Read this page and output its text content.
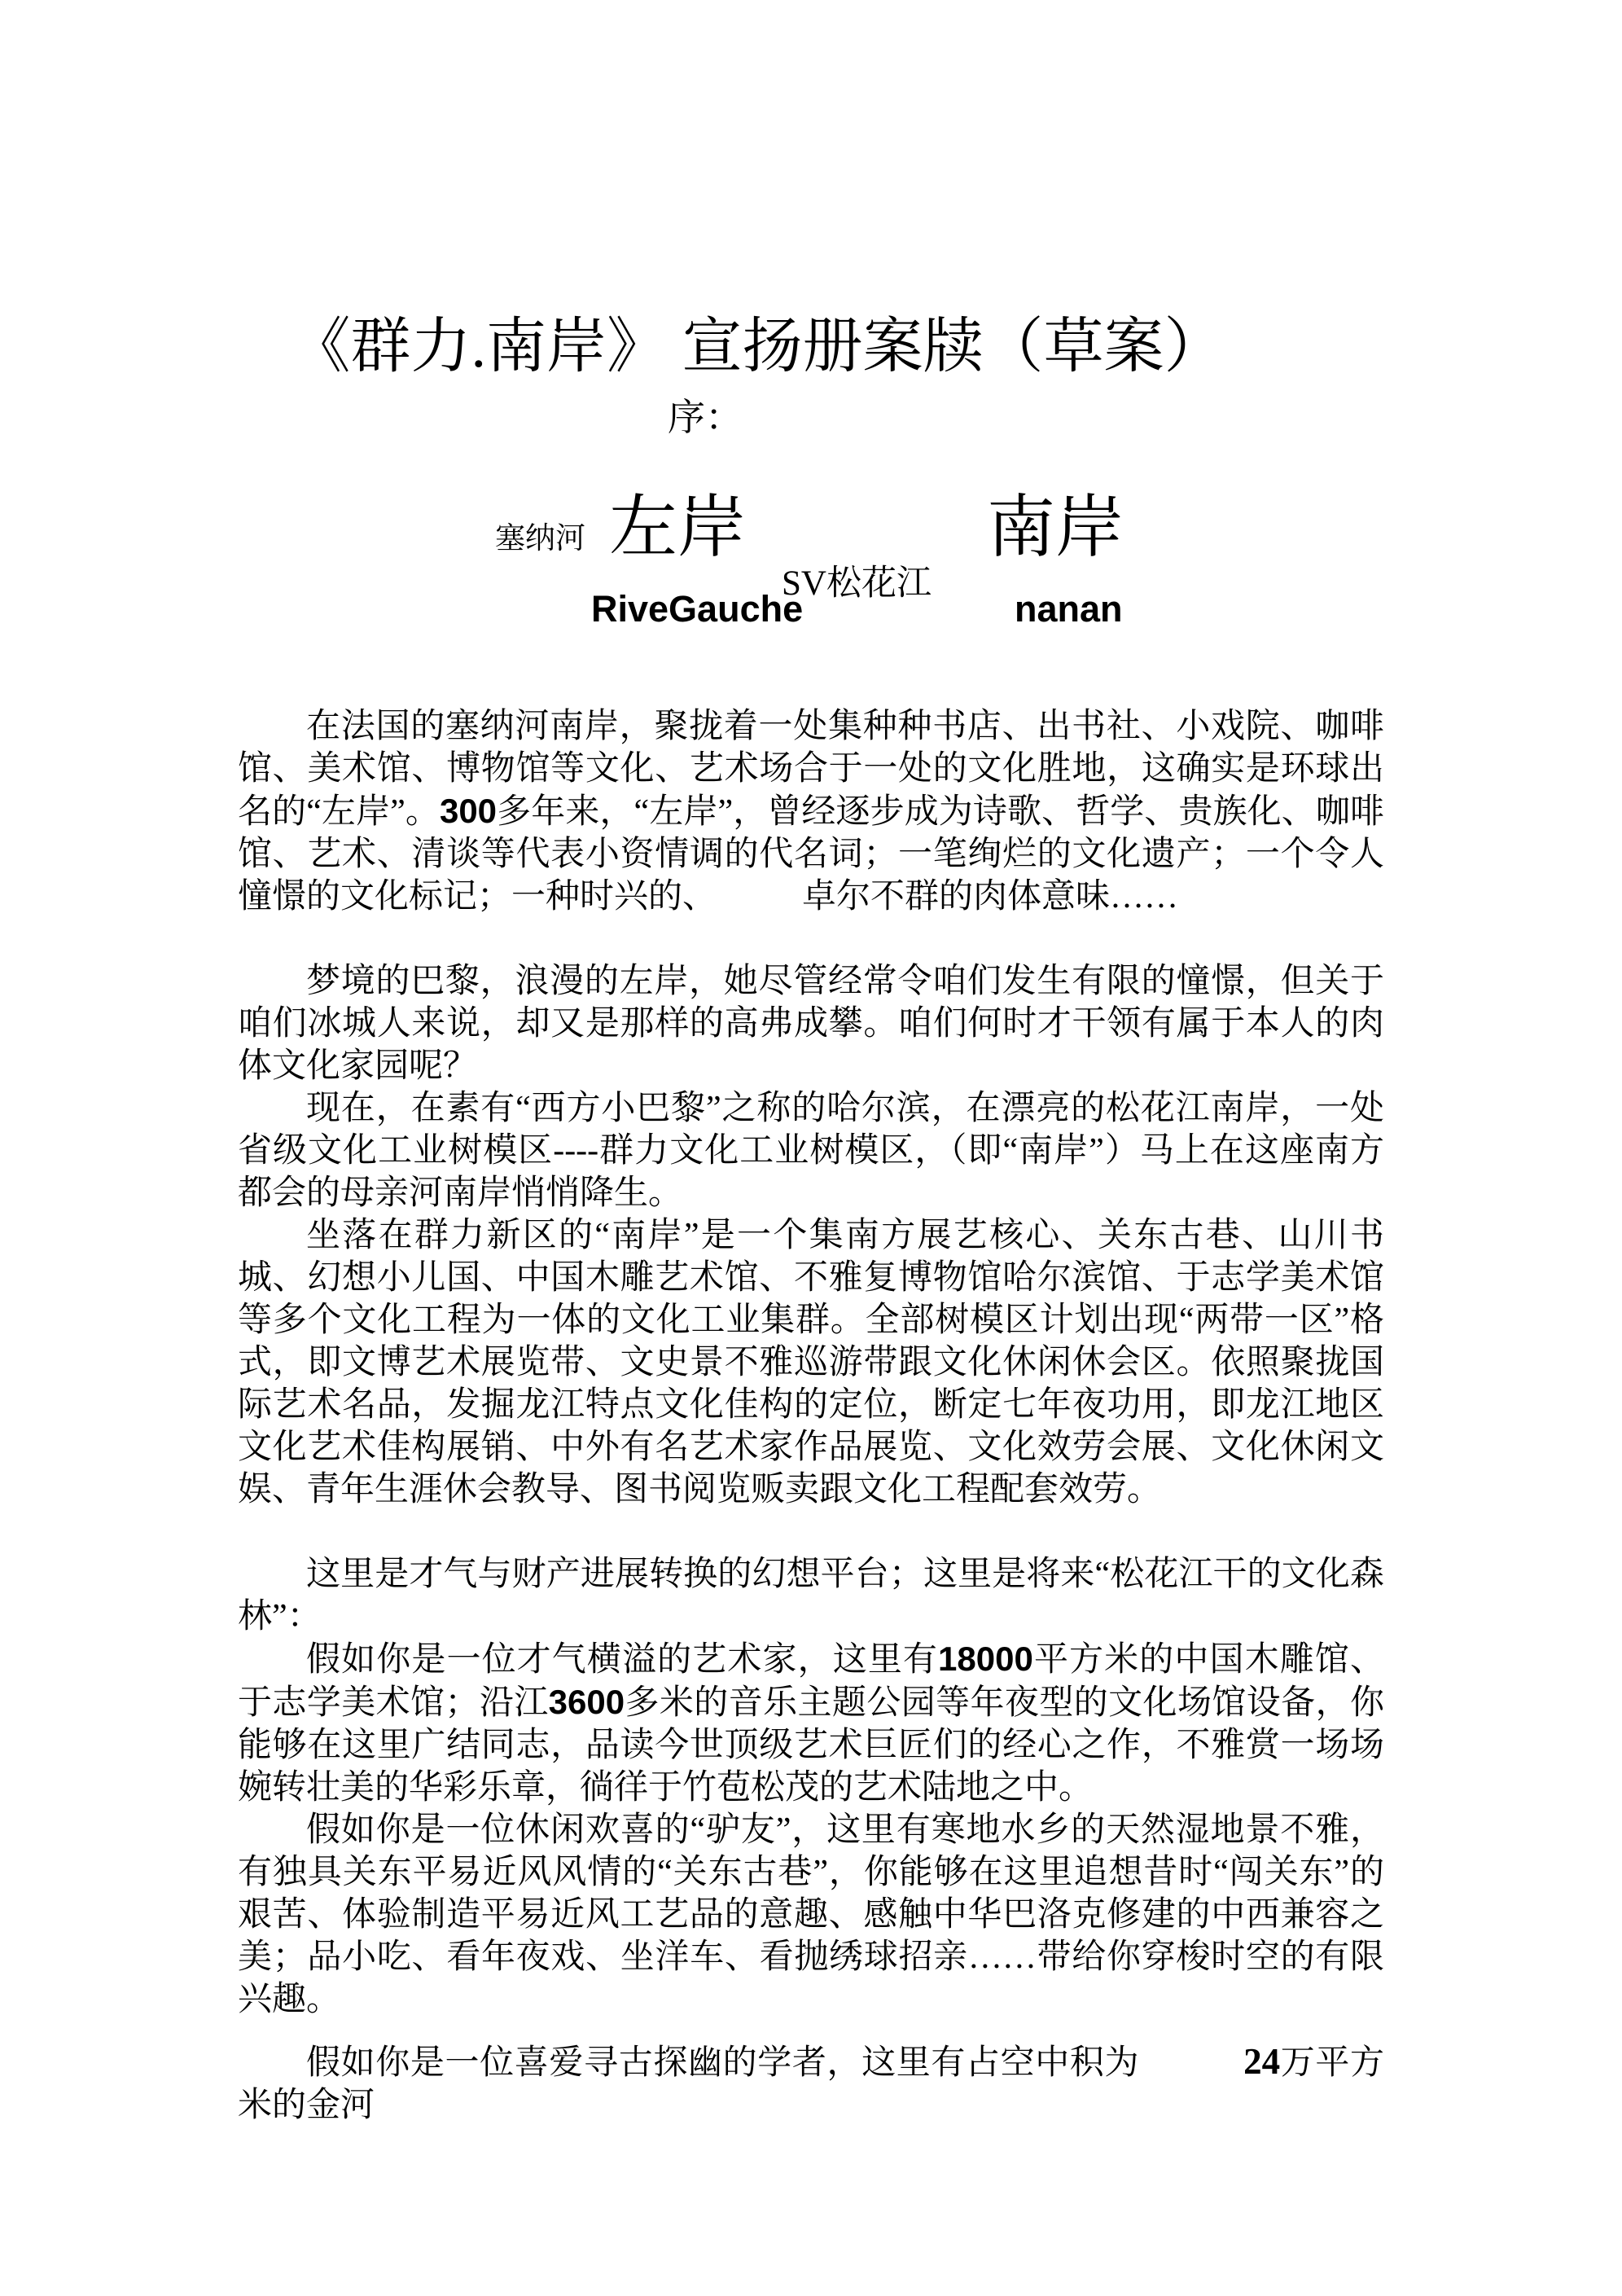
《群力.南岸》 宣扬册案牍（草案）
序：
塞纳河 左岸	南岸
SV松花江
RiveGauche	nanan

在法国的塞纳河南岸，聚拢着一处集种种书店、出书社、小戏院、咖啡馆、美术馆、博物馆等文化、艺术场合于一处的文化胜地，这确实是环球出名的“左岸”。300多年来，“左岸”，曾经逐步成为诗歌、哲学、贵族化、咖啡馆、艺术、清谈等代表小资情调的代名词；一笔绚烂的文化遗产；一个令人憧憬的文化标记；一种时兴的、　　　卓尔不群的肉体意味……

梦境的巴黎，浪漫的左岸，她尽管经常令咱们发生有限的憧憬，但关于咱们冰城人来说，却又是那样的高弗成攀。咱们何时才干领有属于本人的肉体文化家园呢？

现在，在素有“西方小巴黎”之称的哈尔滨，在漂亮的松花江南岸，一处省级文化工业树模区----群力文化工业树模区，（即“南岸”）马上在这座南方都会的母亲河南岸悄悄降生。

坐落在群力新区的“南岸”是一个集南方展艺核心、关东古巷、山川书城、幻想小儿国、中国木雕艺术馆、不雅复博物馆哈尔滨馆、于志学美术馆等多个文化工程为一体的文化工业集群。全部树模区计划出现“两带一区”格式，即文博艺术展览带、文史景不雅巡游带跟文化休闲休会区。依照聚拢国际艺术名品，发掘龙江特点文化佳构的定位，断定七年夜功用，即龙江地区文化艺术佳构展销、中外有名艺术家作品展览、文化效劳会展、文化休闲文娱、青年生涯休会教导、图书阅览贩卖跟文化工程配套效劳。

这里是才气与财产进展转换的幻想平台；这里是将来“松花江干的文化森林”：

假如你是一位才气横溢的艺术家，这里有18000平方米的中国木雕馆、于志学美术馆；沿江3600多米的音乐主题公园等年夜型的文化场馆设备，你能够在这里广结同志，品读今世顶级艺术巨匠们的经心之作，不雅赏一场场婉转壮美的华彩乐章，徜徉于竹苞松茂的艺术陆地之中。

假如你是一位休闲欢喜的“驴友”，这里有寒地水乡的天然湿地景不雅，有独具关东平易近风风情的“关东古巷”，你能够在这里追想昔时“闯关东”的艰苦、体验制造平易近风工艺品的意趣、感触中华巴洛克修建的中西兼容之美；品小吃、看年夜戏、坐洋车、看抛绣球招亲……带给你穿梭时空的有限兴趣。

假如你是一位喜爱寻古探幽的学者，这里有占空中积为　　　24万平方米的金河
